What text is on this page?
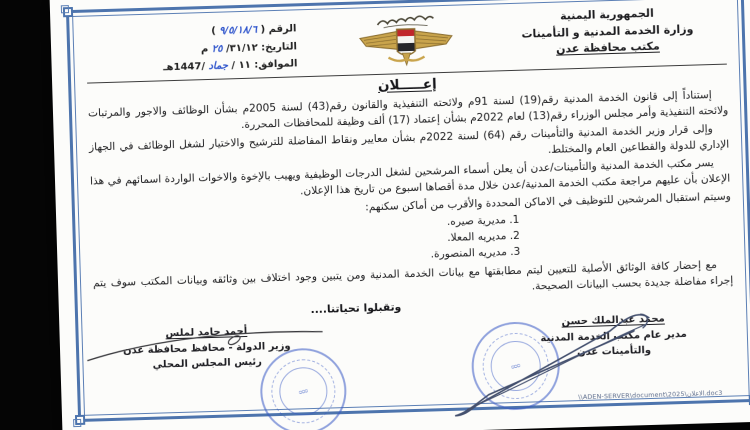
الجمهورية اليمنية
وزارة الخدمة المدنية و التأمينات
مكتب محافظة عدن
الرقم ( ٩/٥/١٨/٦ )
التاريخ: ٣١/١٢/ ٢٥ م
الموافق: ١١ / جماد /1447هـ
إعـــــلان

إستناداً إلى قانون الخدمة المدنية رقم(19) لسنة 91م ولائحته التنفيذية والقانون رقم(43) لسنة 2005م بشأن الوظائف والاجور والمرتبات ولائحته التنفيذية وأمر مجلس الوزراء رقم(13) لعام 2022م بشأن إعتماد (17) ألف وظيفة للمحافظات المحررة.

وإلى قرار وزير الخدمة المدنية والتأمينات رقم (64) لسنة 2022م بشأن معايير ونقاط المفاضلة للترشيح والاختيار لشغل الوظائف في الجهاز الإداري للدولة والقطاعين العام والمختلط.

يسر مكتب الخدمة المدنية والتأمينات/عدن أن يعلن أسماء المرشحين لشغل الدرجات الوظيفية ويهيب بالإخوة والاخوات الواردة اسمائهم في هذا الإعلان بأن عليهم مراجعة مكتب الخدمة المدنية/عدن خلال مدة أقصاها اسبوع من تاريخ هذا الإعلان.

وسيتم استقبال المرشحين للتوظيف في الاماكن المحددة والأقرب من أماكن سكنهم:

1. مديرية صيره.
2. مديريه المعلا.
3. مديريه المنصورة.

مع إحضار كافة الوثائق الأصلية للتعيين ليتم مطابقتها مع بيانات الخدمة المدنية ومن يتبين وجود اختلاف بين وثائقه وبيانات المكتب سوف يتم إجراء مفاضلة جديدة بحسب البيانات الصحيحة.

وتقبلوا تحياتنا....
محمد عبدالملك حسن
مدير عام مكتب الخدمة المدنية
والتأمينات عدن
أحمد حامد لملس
وزير الدولة - محافظ محافظة عدن
رئيس المجلس المحلي	۝۝۝
۝۝۝	\\ADEN-SERVER\document\2025\الاعلان.doc3
